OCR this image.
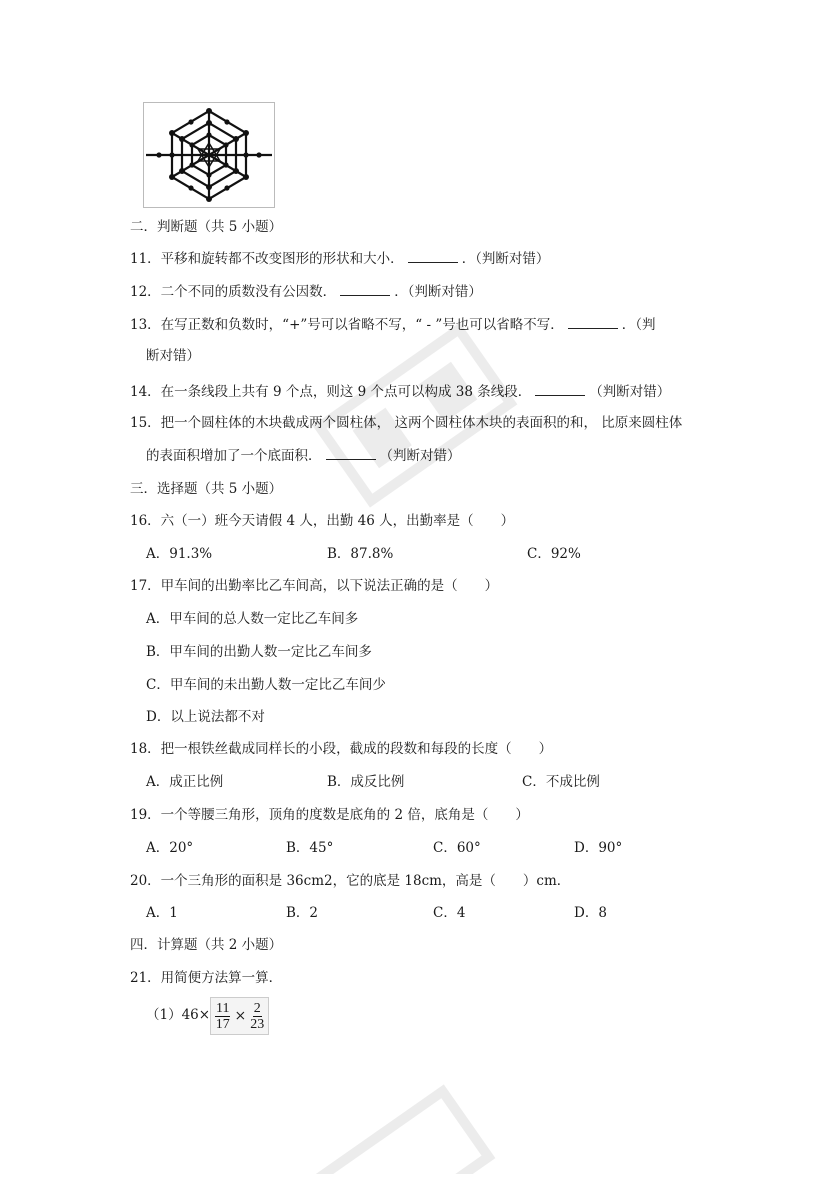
二．判断题（共 5 小题）
11．平移和旋转都不改变图形的形状和大小．	．（判断对错）
12．二个不同的质数没有公因数．	．（判断对错）
13．在写正数和负数时，“+”号可以省略不写，“ - ”号也可以省略不写．	．（判
断对错）
14．在一条线段上共有 9 个点，则这 9 个点可以构成 38 条线段．	（判断对错）
15．把一个圆柱体的木块截成两个圆柱体， 这两个圆柱体木块的表面积的和， 比原来圆柱体
的表面积增加了一个底面积．	（判断对错）
三．选择题（共 5 小题）
16．六（一）班今天请假 4 人，出勤 46 人，出勤率是（　　）
A．91.3%	B．87.8%	C．92%
17．甲车间的出勤率比乙车间高，以下说法正确的是（　　）
A．甲车间的总人数一定比乙车间多
B．甲车间的出勤人数一定比乙车间多
C．甲车间的未出勤人数一定比乙车间少
D．以上说法都不对
18．把一根铁丝截成同样长的小段，截成的段数和每段的长度（　　）
A．成正比例	B．成反比例	C．不成比例
19．一个等腰三角形，顶角的度数是底角的 2 倍，底角是（　　）
A．20°	B．45°	C．60°	D．90°
20．一个三角形的面积是 36cm2，它的底是 18cm，高是（　　）cm．
A．1	B．2	C．4	D．8
四．计算题（共 2 小题）
21．用简便方法算一算．
$(1)46\times \frac{11}{17} \times \frac{2}{23}$
